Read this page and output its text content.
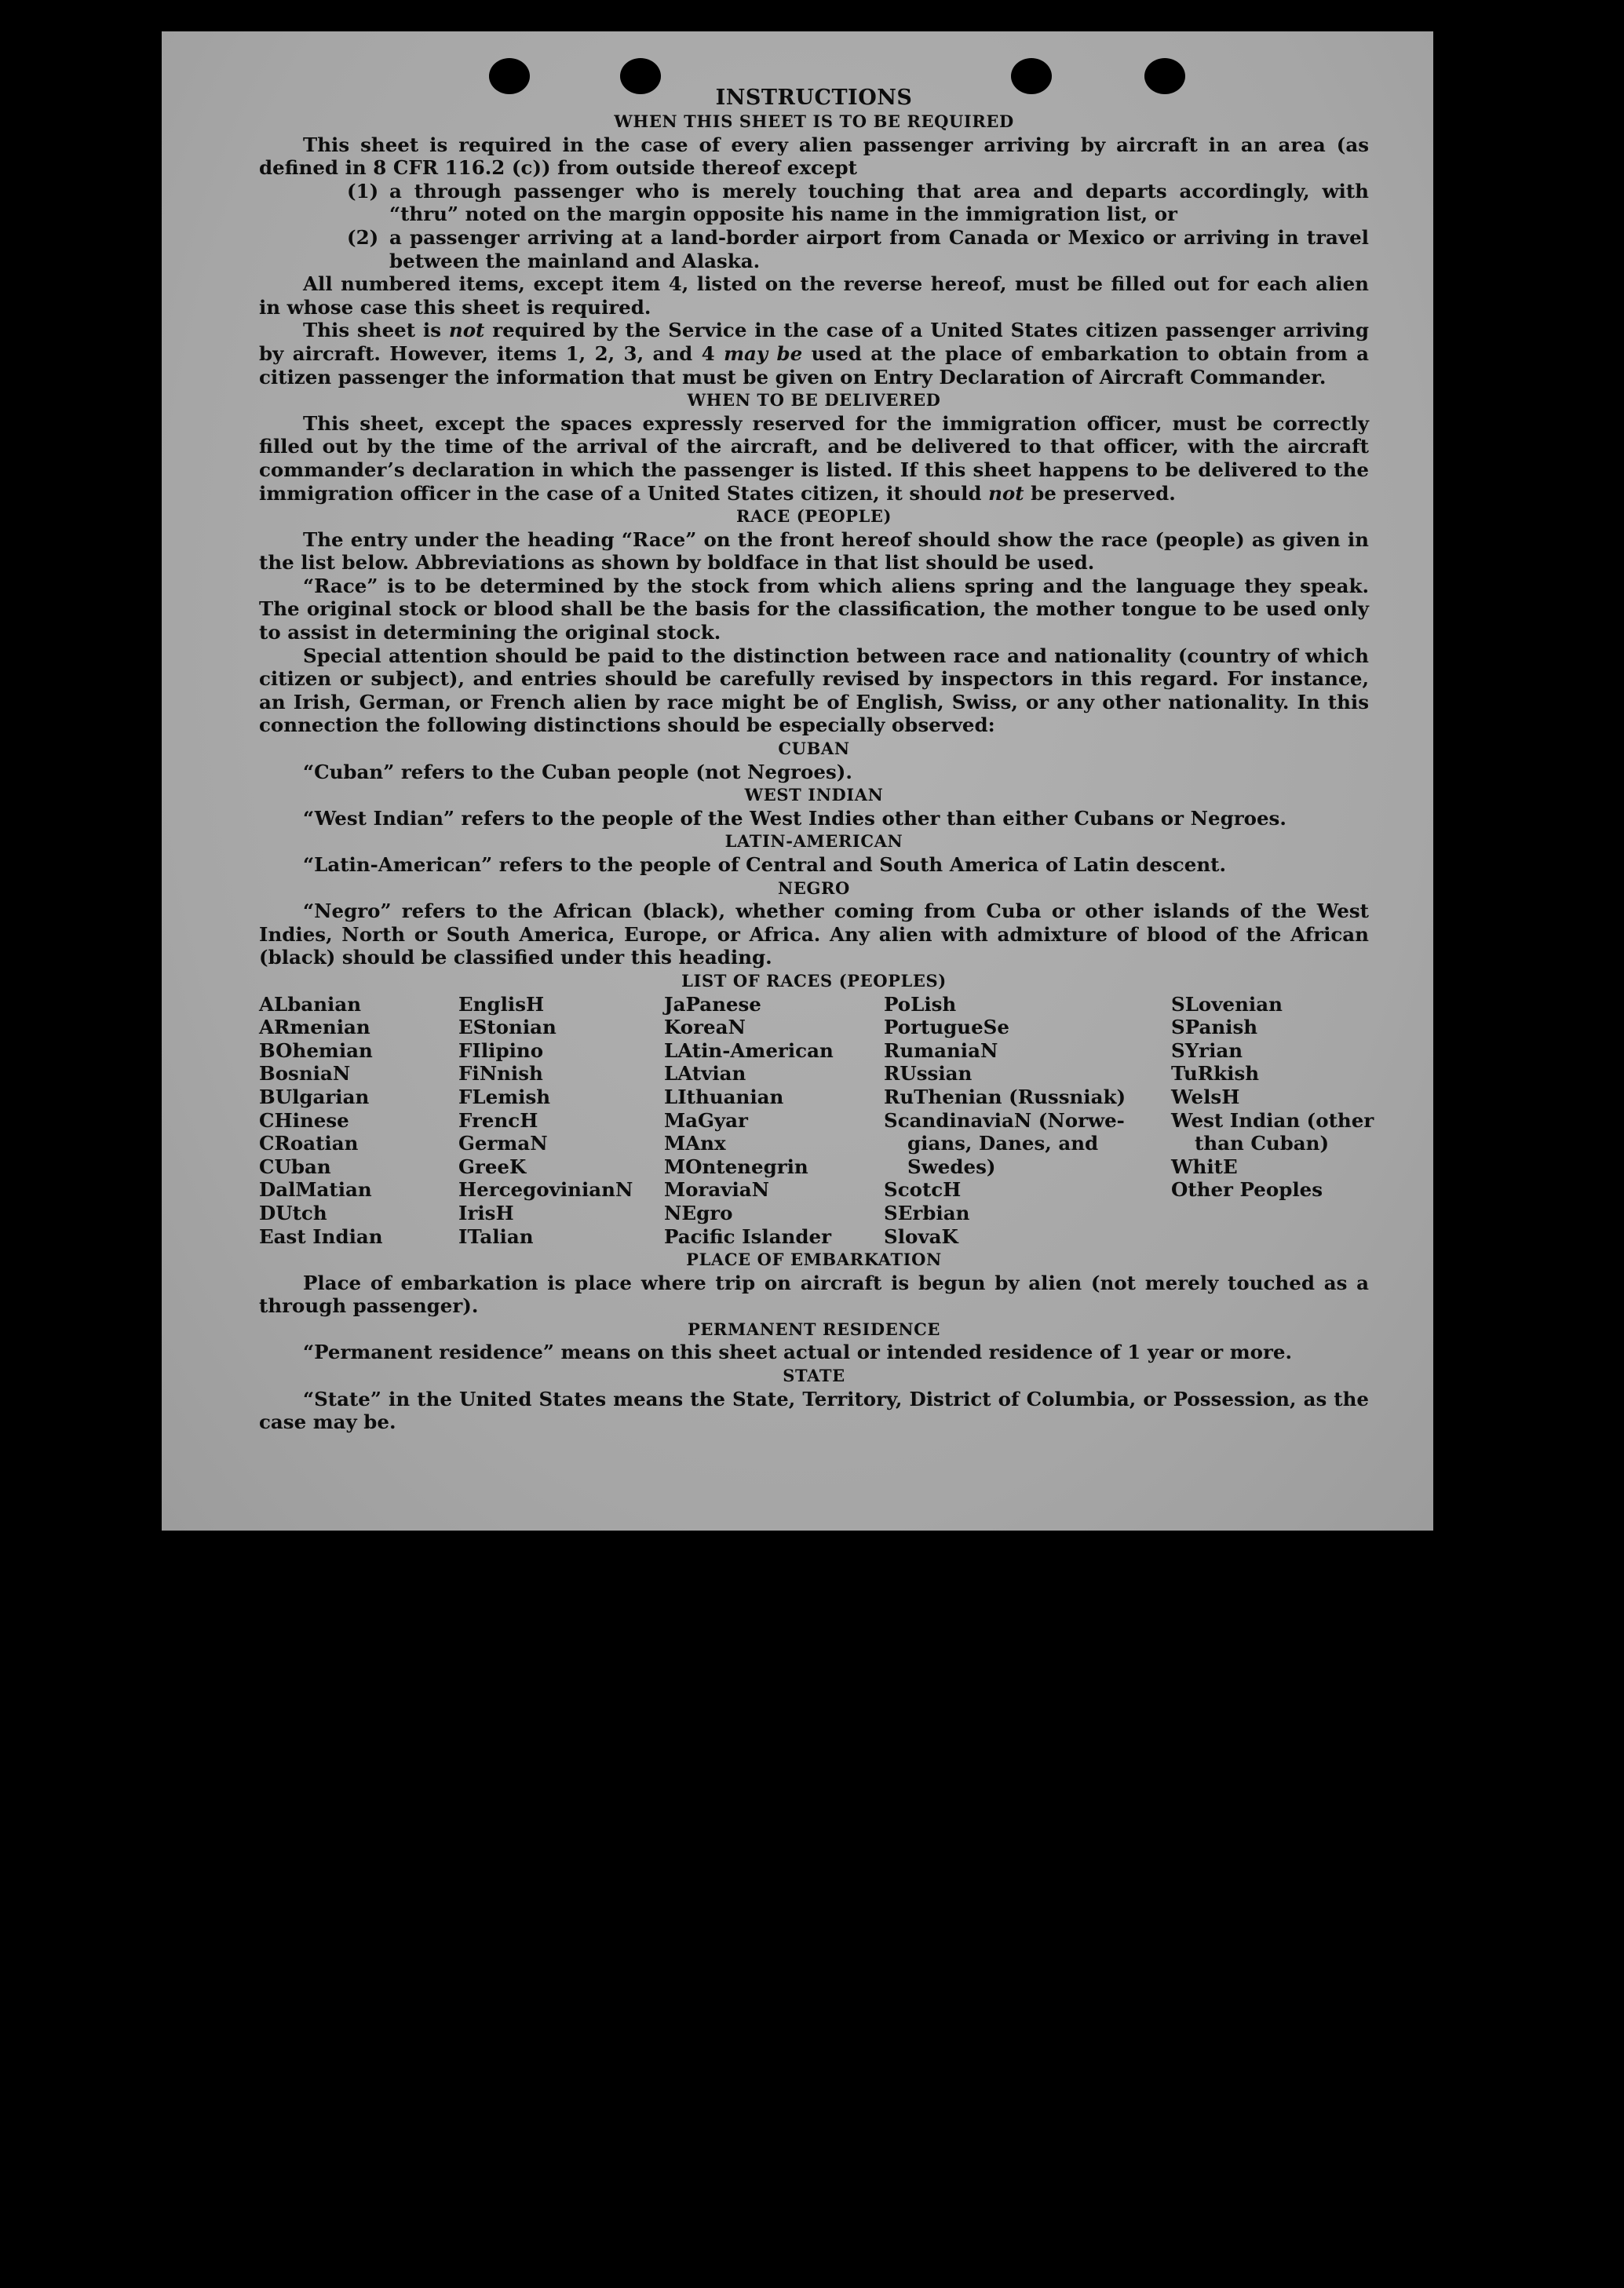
INSTRUCTIONS
WHEN THIS SHEET IS TO BE REQUIRED

This sheet is required in the case of every alien passenger arriving by aircraft in an area (as defined in 8 CFR 116.2 (c)) from outside thereof except

(1) a through passenger who is merely touching that area and departs accordingly, with “thru” noted on the margin opposite his name in the immigration list, or
(2) a passenger arriving at a land-border airport from Canada or Mexico or arriving in travel between the mainland and Alaska.

All numbered items, except item 4, listed on the reverse hereof, must be filled out for each alien in whose case this sheet is required.

This sheet is not required by the Service in the case of a United States citizen passenger arriving by aircraft. However, items 1, 2, 3, and 4 may be used at the place of embarkation to obtain from a citizen passenger the information that must be given on Entry Declaration of Aircraft Commander.

WHEN TO BE DELIVERED

This sheet, except the spaces expressly reserved for the immigration officer, must be correctly filled out by the time of the arrival of the aircraft, and be delivered to that officer, with the aircraft commander’s declaration in which the passenger is listed. If this sheet happens to be delivered to the immigration officer in the case of a United States citizen, it should not be preserved.

RACE (PEOPLE)

The entry under the heading “Race” on the front hereof should show the race (people) as given in the list below. Abbreviations as shown by boldface in that list should be used.

“Race” is to be determined by the stock from which aliens spring and the language they speak. The original stock or blood shall be the basis for the classification, the mother tongue to be used only to assist in determining the original stock.

Special attention should be paid to the distinction between race and nationality (country of which citizen or subject), and entries should be carefully revised by inspectors in this regard. For instance, an Irish, German, or French alien by race might be of English, Swiss, or any other nationality. In this connection the following distinctions should be especially observed:

CUBAN

“Cuban” refers to the Cuban people (not Negroes).

WEST INDIAN

“West Indian” refers to the people of the West Indies other than either Cubans or Negroes.

LATIN-AMERICAN

“Latin-American” refers to the people of Central and South America of Latin descent.

NEGRO

“Negro” refers to the African (black), whether coming from Cuba or other islands of the West Indies, North or South America, Europe, or Africa. Any alien with admixture of blood of the African (black) should be classified under this heading.

LIST OF RACES (PEOPLES)
ALbanian
ARmenian
BOhemian
BosniaN
BUlgarian
CHinese
CRoatian
CUban
DalMatian
DUtch
East Indian
EnglisH
EStonian
FIlipino
FiNnish
FLemish
FrencH
GermaN
GreeK
HercegovinianN
IrisH
ITalian
JaPanese
KoreaN
LAtin-American
LAtvian
LIthuanian
MaGyar
MAnx
MOntenegrin
MoraviaN
NEgro
Pacific Islander
PoLish
PortugueSe
RumaniaN
RUssian
RuThenian (Russniak)
ScandinaviaN (Norwe-
gians, Danes, and Swedes)
ScotcH
SErbian
SlovaK
SLovenian
SPanish
SYrian
TuRkish
WelsH
West Indian (other
than Cuban)
WhitE
Other Peoples
PLACE OF EMBARKATION

Place of embarkation is place where trip on aircraft is begun by alien (not merely touched as a through passenger).

PERMANENT RESIDENCE

“Permanent residence” means on this sheet actual or intended residence of 1 year or more.

STATE

“State” in the United States means the State, Territory, District of Columbia, or Possession, as the case may be.
